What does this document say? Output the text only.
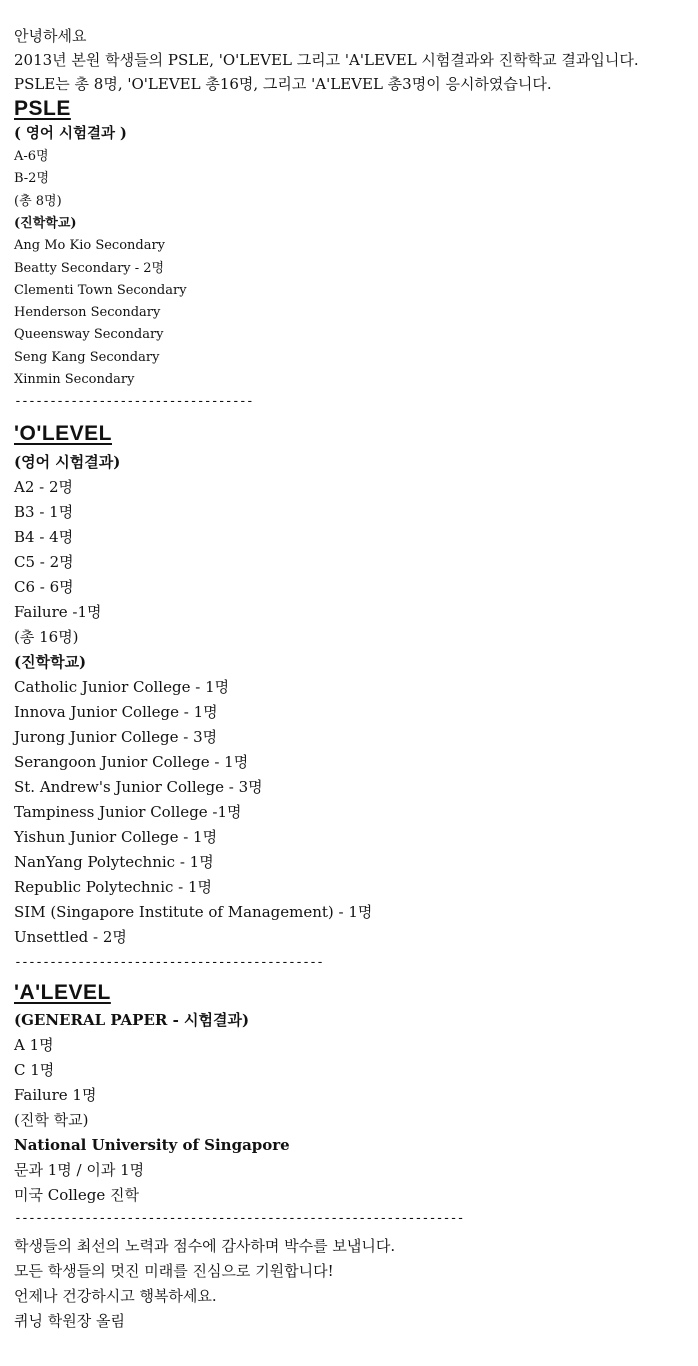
안녕하세요
2013년 본원 학생들의 PSLE, 'O'LEVEL 그리고 'A'LEVEL 시험결과와 진학학교 결과입니다.
PSLE는 총 8명, 'O'LEVEL 총16명, 그리고 'A'LEVEL 총3명이 응시하였습니다.
PSLE
( 영어 시험결과 )
A-6명
B-2명
(총 8명)
(진학학교)
Ang Mo Kio Secondary
Beatty Secondary - 2명
Clementi Town Secondary
Henderson Secondary
Queensway Secondary
Seng Kang Secondary
Xinmin Secondary
----------------------------------
'O'LEVEL
(영어 시험결과)
A2 - 2명
B3 - 1명
B4 - 4명
C5 - 2명
C6 - 6명
Failure -1명
(총 16명)
(진학학교)
Catholic Junior College - 1명
Innova Junior College - 1명
Jurong Junior College - 3명
Serangoon Junior College - 1명
St. Andrew's Junior College - 3명
Tampiness Junior College -1명
Yishun Junior College - 1명
NanYang Polytechnic - 1명
Republic Polytechnic - 1명
SIM (Singapore Institute of Management) - 1명
Unsettled - 2명
--------------------------------------------
'A'LEVEL
(GENERAL PAPER - 시험결과)
A 1명
C 1명
Failure 1명
(진학 학교)
National University of Singapore
문과 1명 / 이과 1명
미국 College 진학
----------------------------------------------------------------
학생들의 최선의 노력과 점수에 감사하며 박수를 보냅니다.
모든 학생들의 멋진 미래를 진심으로 기원합니다!
언제나 건강하시고 행복하세요.
퀴닝 학원장 올림
